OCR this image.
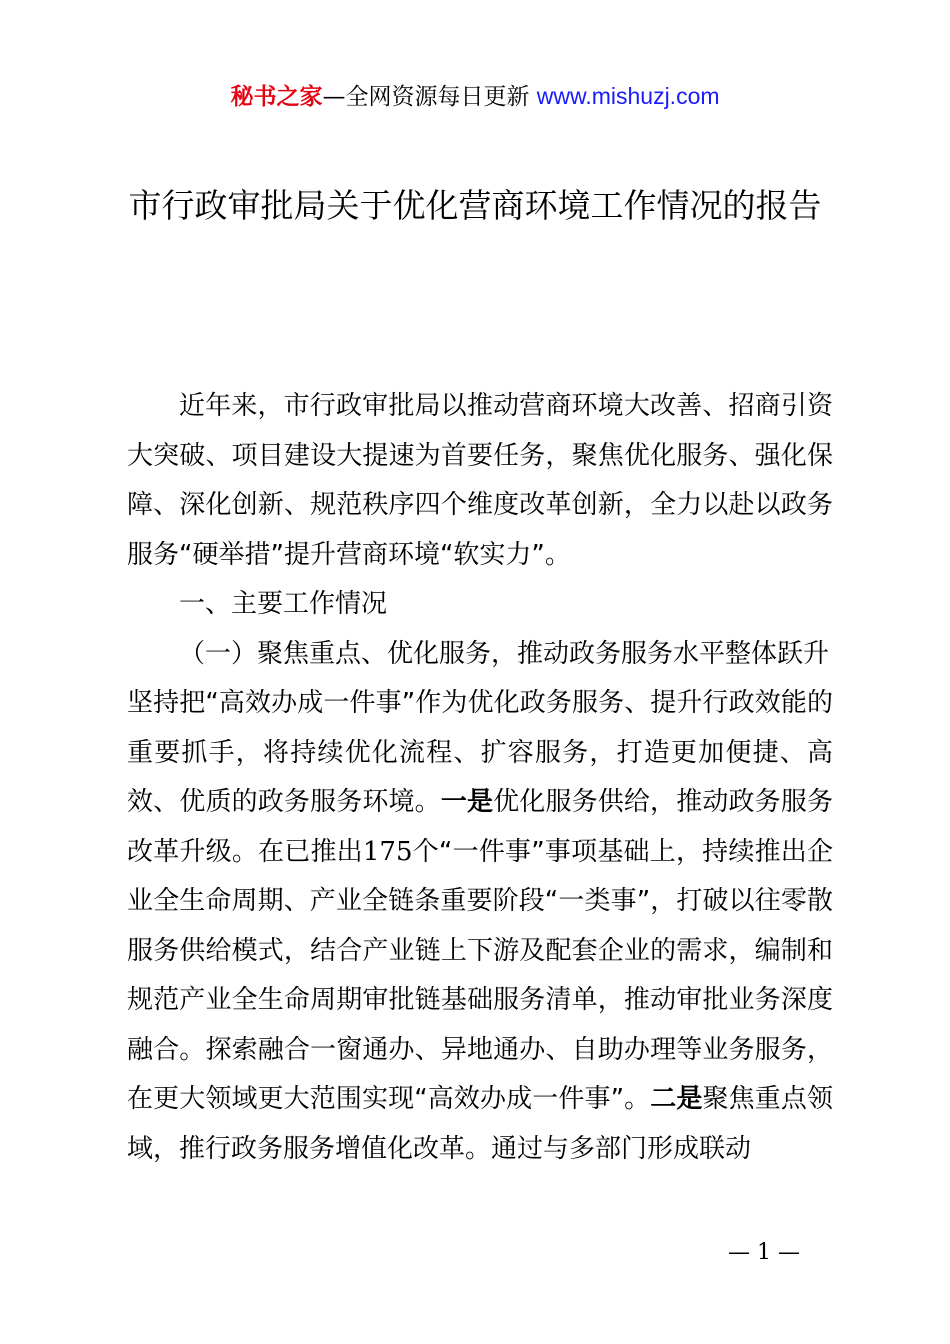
秘书之家—全网资源每日更新 www.mishuzj.com
市行政审批局关于优化营商环境工作情况的报告

近年来，市行政审批局以推动营商环境大改善、招商引资大突破、项目建设大提速为首要任务，聚焦优化服务、强化保障、深化创新、规范秩序四个维度改革创新，全力以赴以政务服务“硬举措”提升营商环境“软实力”。

一、主要工作情况

（一）聚焦重点、优化服务，推动政务服务水平整体跃升

坚持把“高效办成一件事”作为优化政务服务、提升行政效能的重要抓手，将持续优化流程、扩容服务，打造更加便捷、高效、优质的政务服务环境。一是优化服务供给，推动政务服务改革升级。在已推出175个“一件事”事项基础上，持续推出企业全生命周期、产业全链条重要阶段“一类事”，打破以往零散服务供给模式，结合产业链上下游及配套企业的需求，编制和规范产业全生命周期审批链基础服务清单，推动审批业务深度融合。探索融合一窗通办、异地通办、自助办理等业务服务，在更大领域更大范围实现“高效办成一件事”。二是聚焦重点领域，推行政务服务增值化改革。通过与多部门形成联动

— 1 —
